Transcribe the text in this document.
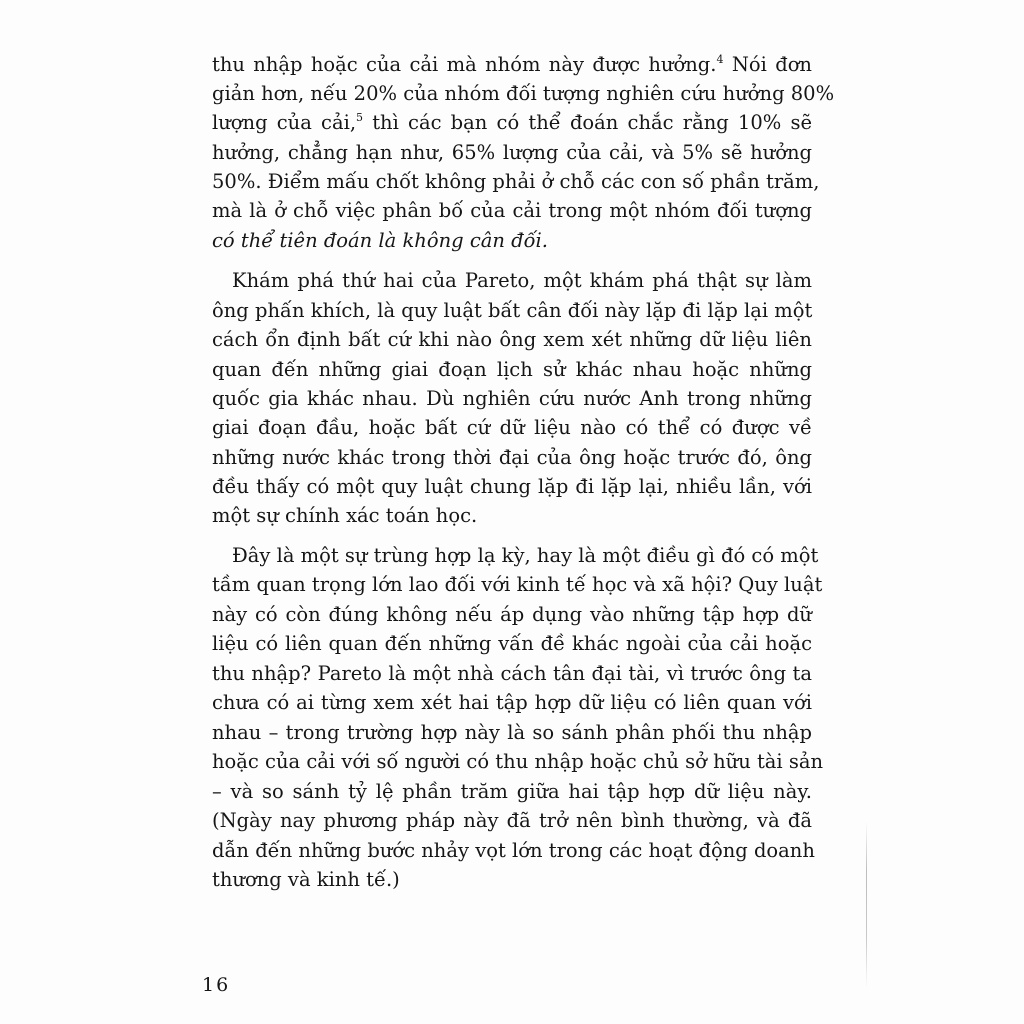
thu nhập hoặc của cải mà nhóm này được hưởng.$^4$ Nói đơn
giản hơn, nếu 20% của nhóm đối tượng nghiên cứu hưởng 80%
lượng của cải,$^5$ thì các bạn có thể đoán chắc rằng 10% sẽ
hưởng, chẳng hạn như, 65% lượng của cải, và 5% sẽ hưởng
50%. Điểm mấu chốt không phải ở chỗ các con số phần trăm,
mà là ở chỗ việc phân bố của cải trong một nhóm đối tượng
có thể tiên đoán là không cân đối.
Khám phá thứ hai của Pareto, một khám phá thật sự làm
ông phấn khích, là quy luật bất cân đối này lặp đi lặp lại một
cách ổn định bất cứ khi nào ông xem xét những dữ liệu liên
quan đến những giai đoạn lịch sử khác nhau hoặc những
quốc gia khác nhau. Dù nghiên cứu nước Anh trong những
giai đoạn đầu, hoặc bất cứ dữ liệu nào có thể có được về
những nước khác trong thời đại của ông hoặc trước đó, ông
đều thấy có một quy luật chung lặp đi lặp lại, nhiều lần, với
một sự chính xác toán học.
Đây là một sự trùng hợp lạ kỳ, hay là một điều gì đó có một
tầm quan trọng lớn lao đối với kinh tế học và xã hội? Quy luật
này có còn đúng không nếu áp dụng vào những tập hợp dữ
liệu có liên quan đến những vấn đề khác ngoài của cải hoặc
thu nhập? Pareto là một nhà cách tân đại tài, vì trước ông ta
chưa có ai từng xem xét hai tập hợp dữ liệu có liên quan với
nhau – trong trường hợp này là so sánh phân phối thu nhập
hoặc của cải với số người có thu nhập hoặc chủ sở hữu tài sản
– và so sánh tỷ lệ phần trăm giữa hai tập hợp dữ liệu này.
(Ngày nay phương pháp này đã trở nên bình thường, và đã
dẫn đến những bước nhảy vọt lớn trong các hoạt động doanh
thương và kinh tế.)
16
